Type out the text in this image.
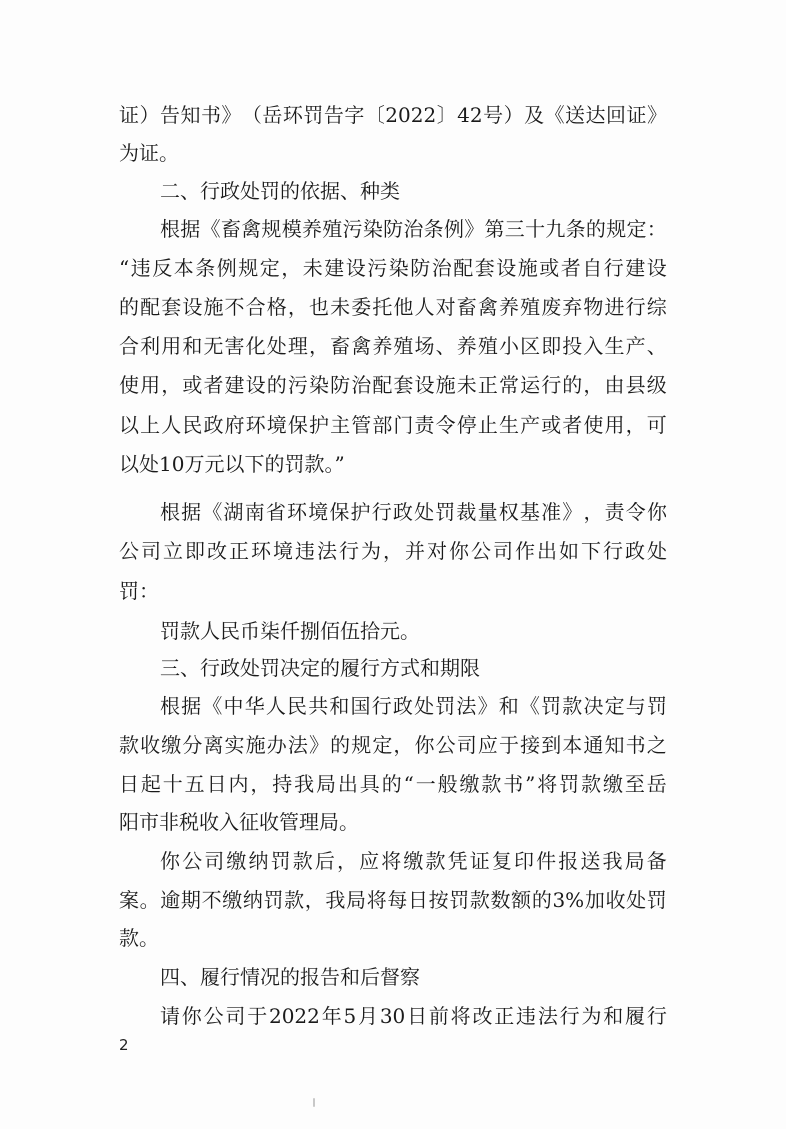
证 ） 告 知 书 》 （ 岳 环 罚 告 字 〔 2022 〕 42 号 ） 及 《 送 达 回 证 》
为证。
二、行政处罚的依据、种类
根 据 《 畜 禽 规 模 养 殖 污 染 防 治 条 例 》 第 三 十 九 条 的 规 定 ：
“ 违 反 本 条 例 规 定 ， 未 建 设 污 染 防 治 配 套 设 施 或 者 自 行 建 设
的 配 套 设 施 不 合 格 ， 也 未 委 托 他 人 对 畜 禽 养 殖 废 弃 物 进 行 综
合 利 用 和 无 害 化 处 理 ， 畜 禽 养 殖 场 、 养 殖 小 区 即 投 入 生 产 、
使 用 ， 或 者 建 设 的 污 染 防 治 配 套 设 施 未 正 常 运 行 的 ， 由 县 级
以 上 人 民 政 府 环 境 保 护 主 管 部 门 责 令 停 止 生 产 或 者 使 用 ， 可
以处10万元以下的罚款。”
根 据 《 湖 南 省 环 境 保 护 行 政 处 罚 裁 量 权 基 准 》 ， 责 令 你
公 司 立 即 改 正 环 境 违 法 行 为 ， 并 对 你 公 司 作 出 如 下 行 政 处
罚：
罚款人民币柒仟捌佰伍拾元。
三、行政处罚决定的履行方式和期限
根 据 《 中 华 人 民 共 和 国 行 政 处 罚 法 》 和 《 罚 款 决 定 与 罚
款 收 缴 分 离 实 施 办 法 》 的 规 定 ， 你 公 司 应 于 接 到 本 通 知 书 之
日 起 十 五 日 内 ， 持 我 局 出 具 的 “ 一 般 缴 款 书 ” 将 罚 款 缴 至 岳
阳市非税收入征收管理局。
你 公 司 缴 纳 罚 款 后 ， 应 将 缴 款 凭 证 复 印 件 报 送 我 局 备
案 。 逾 期 不 缴 纳 罚 款 ， 我 局 将 每 日 按 罚 款 数 额 的 3% 加 收 处 罚
款。
四、履行情况的报告和后督察
请 你 公 司 于 2022 年 5 月 30 日 前 将 改 正 违 法 行 为 和 履 行
2
